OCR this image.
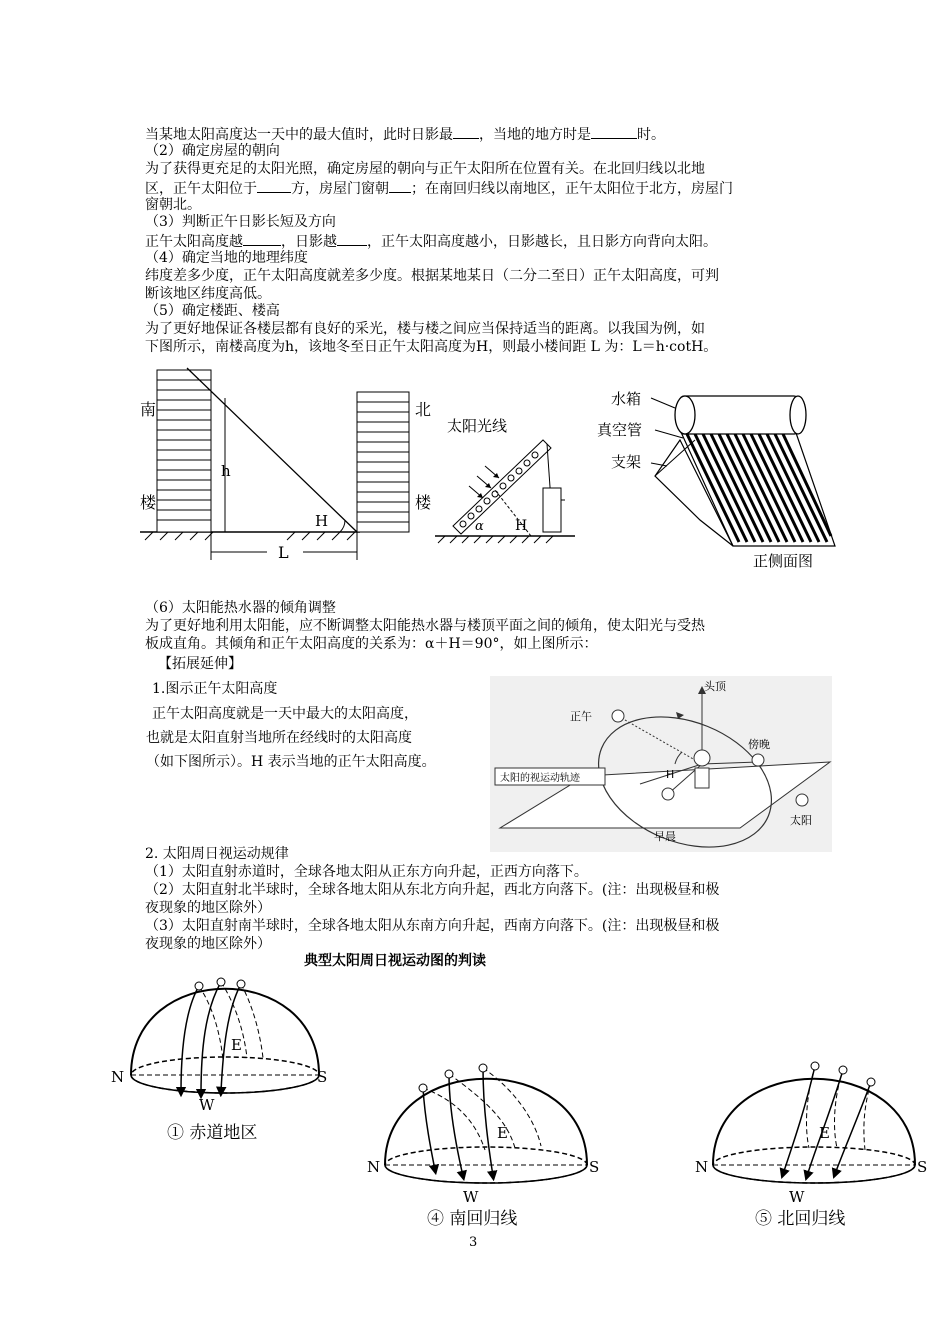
当某地太阳高度达一天中的最大值时，此时日影最 ，当地的地方时是	时。
（2）确定房屋的朝向
为了获得更充足的太阳光照，确定房屋的朝向与正午太阳所在位置有关。在北回归线以北地
区，正午太阳位于 方，房屋门窗朝 ；在南回归线以南地区，正午太阳位于北方，房屋门
窗朝北。
（3）判断正午日影长短及方向
正午太阳高度越	，日影越 ，正午太阳高度越小，日影越长，且日影方向背向太阳。
（4）确定当地的地理纬度
纬度差多少度，正午太阳高度就差多少度。根据某地某日（二分二至日）正午太阳高度，可判
断该地区纬度高低。
（5）确定楼距、楼高
为了更好地保证各楼层都有良好的采光，楼与楼之间应当保持适当的距离。以我国为例，如
下图所示，南楼高度为h，该地冬至日正午太阳高度为H，则最小楼间距 L 为：L＝h·cotH。
南
楼
北
楼
h
H
L
太阳光线
α H
水箱
真空管
支架
正侧面图
（6）太阳能热水器的倾角调整
为了更好地利用太阳能，应不断调整太阳能热水器与楼顶平面之间的倾角，使太阳光与受热
板成直角。其倾角和正午太阳高度的关系为：α＋H＝90°，如上图所示：
【拓展延伸】
1.图示正午太阳高度
正午太阳高度就是一天中最大的太阳高度，
也就是太阳直射当地所在经线时的太阳高度
（如下图所示）。H 表示当地的正午太阳高度。
头顶
正午
傍晚
早晨
太阳
太阳的视运动轨迹	H
2. 太阳周日视运动规律
（1）太阳直射赤道时，全球各地太阳从正东方向升起，正西方向落下。
（2）太阳直射北半球时，全球各地太阳从东北方向升起，西北方向落下。(注：出现极昼和极
夜现象的地区除外）
（3）太阳直射南半球时，全球各地太阳从东南方向升起，西南方向落下。(注：出现极昼和极
夜现象的地区除外）
典型太阳周日视运动图的判读
N	S
E
W
① 赤道地区
N	S
E
W
④ 南回归线
N	S
E
W
⑤ 北回归线
3
